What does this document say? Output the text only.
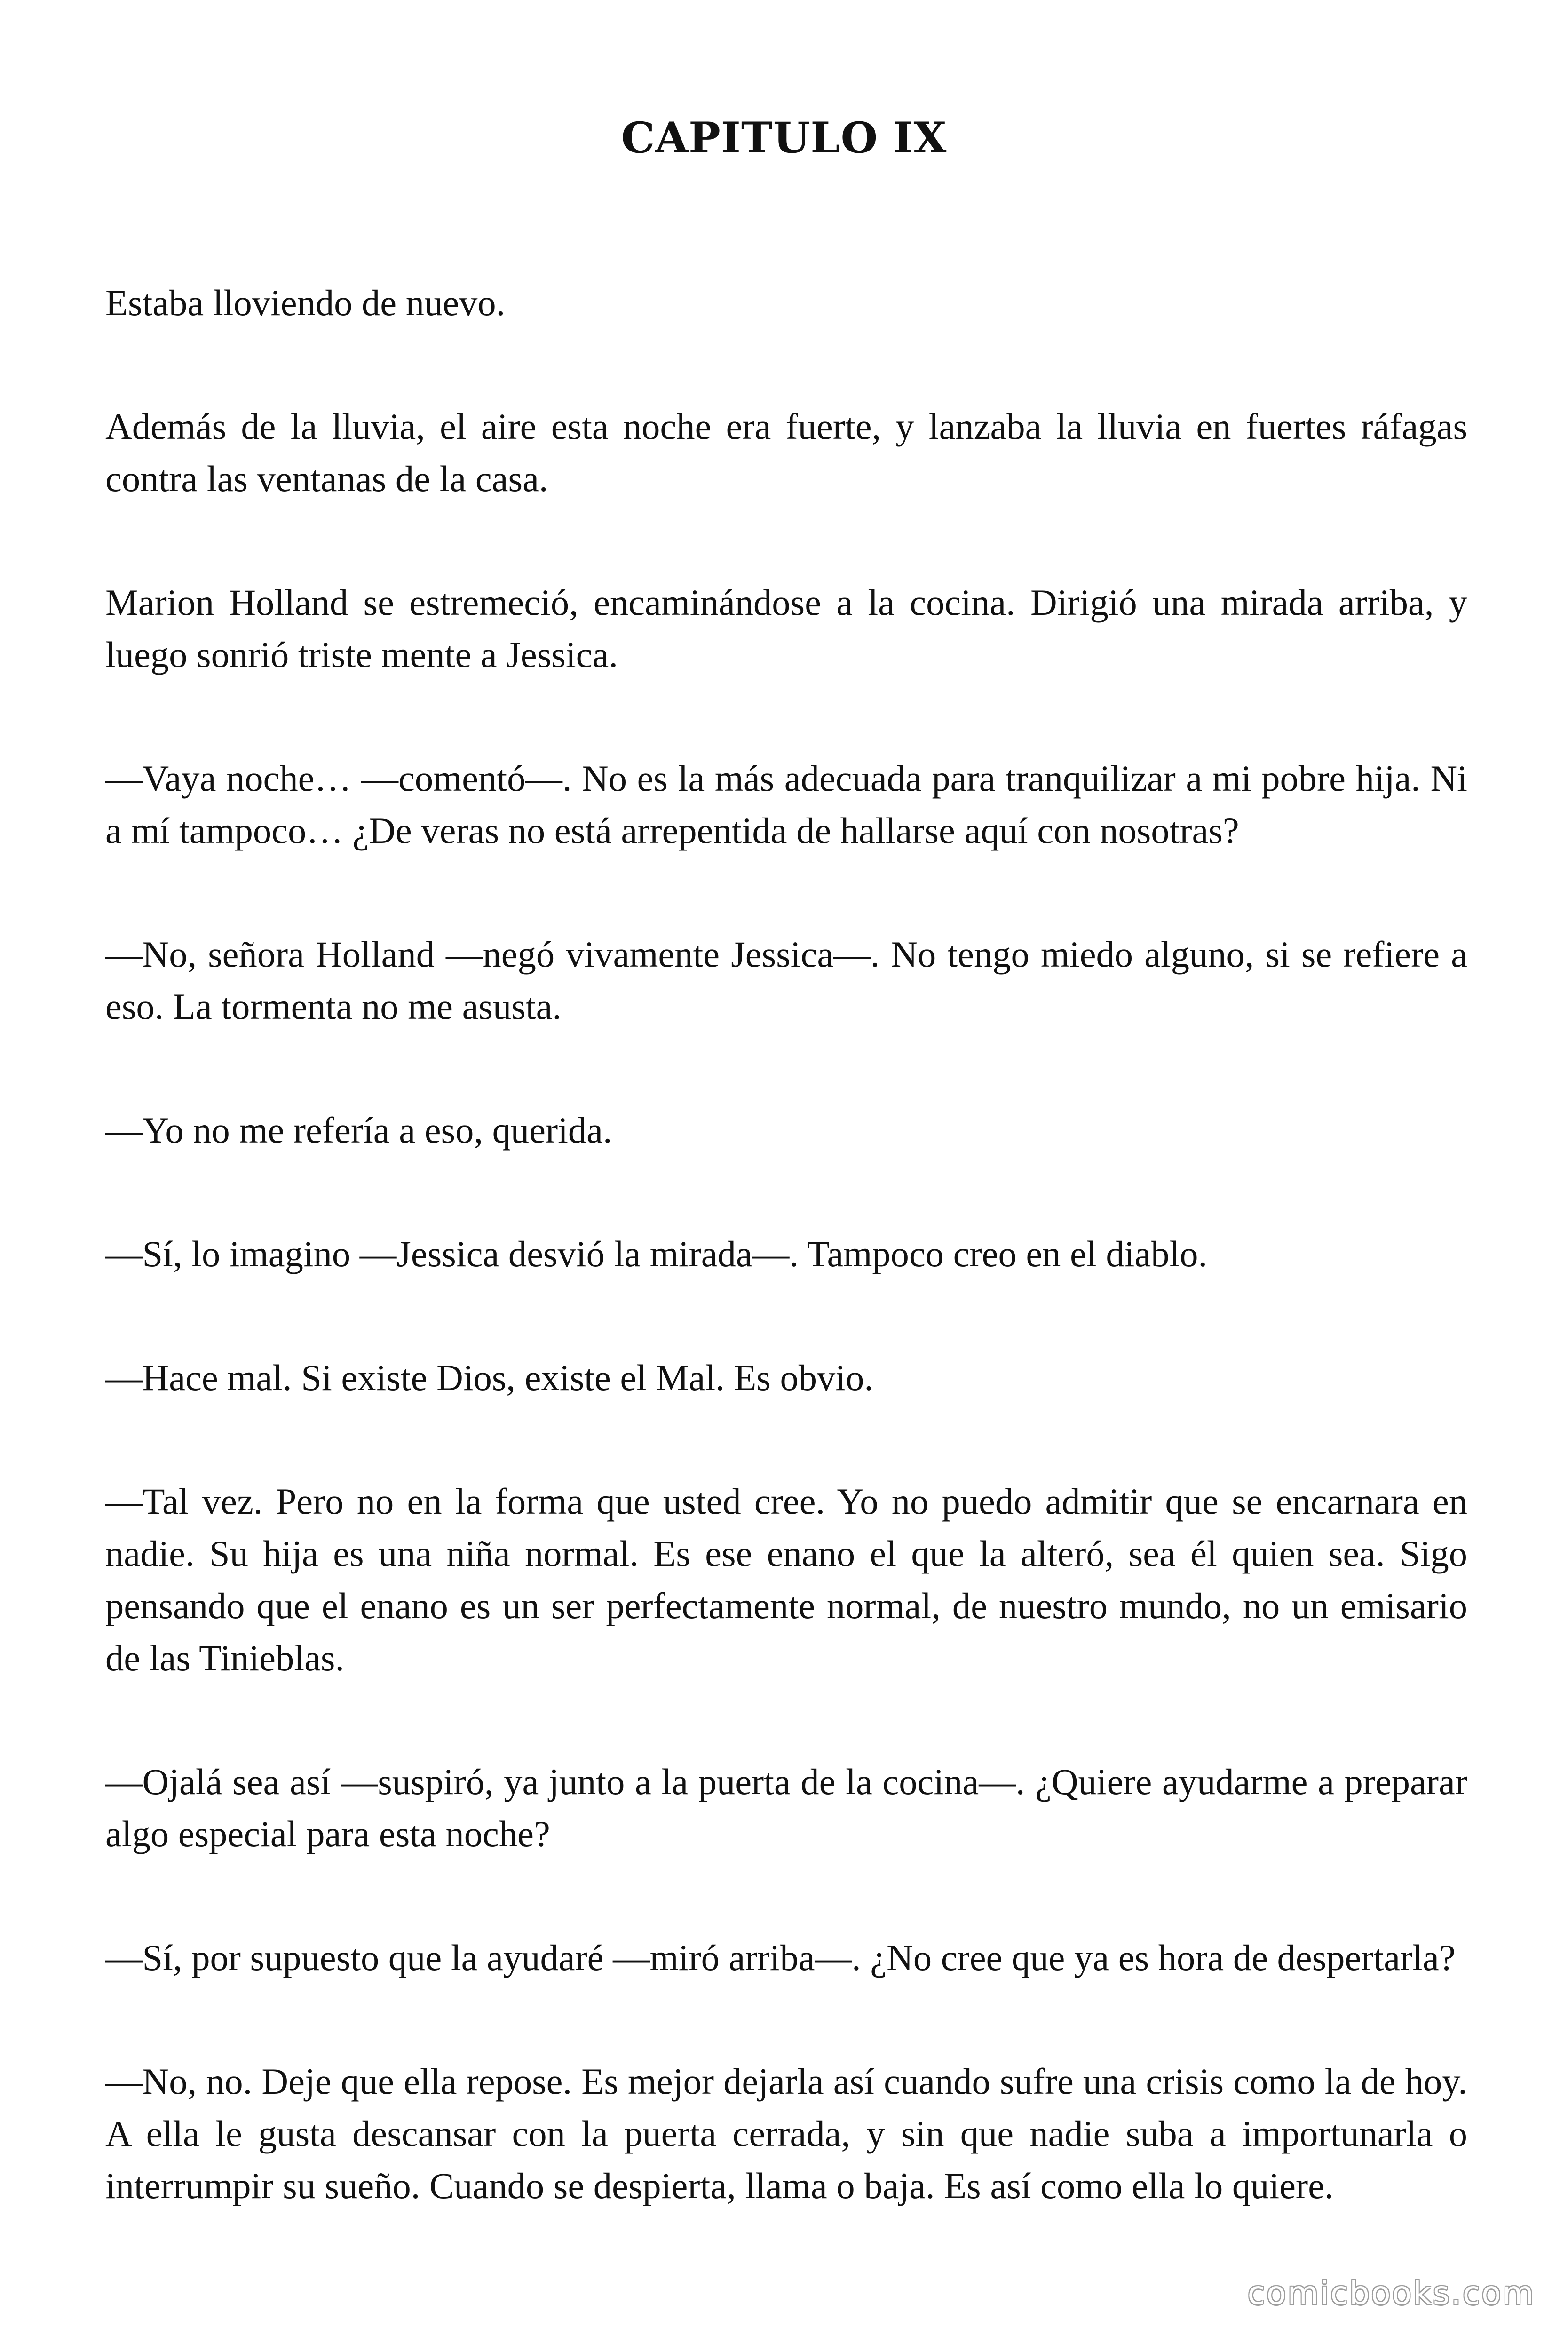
CAPITULO IX

Estaba lloviendo de nuevo.

Además de la lluvia, el aire esta noche era fuerte, y lanzaba la lluvia en fuertes ráfagas contra las ventanas de la casa.

Marion Holland se estremeció, encaminándose a la cocina. Dirigió una mirada arriba, y luego sonrió triste mente a Jessica.

—Vaya noche… —comentó—. No es la más adecuada para tranquilizar a mi pobre hija. Ni a mí tampoco… ¿De veras no está arrepentida de hallarse aquí con nosotras?

—No, señora Holland —negó vivamente Jessica—. No tengo miedo alguno, si se refiere a eso. La tormenta no me asusta.

—Yo no me refería a eso, querida.

—Sí, lo imagino —Jessica desvió la mirada—. Tampoco creo en el diablo.

—Hace mal. Si existe Dios, existe el Mal. Es obvio.

—Tal vez. Pero no en la forma que usted cree. Yo no puedo admitir que se encarnara en nadie. Su hija es una niña normal. Es ese enano el que la alteró, sea él quien sea. Sigo pensando que el enano es un ser perfectamente normal, de nuestro mundo, no un emisario de las Tinieblas.

—Ojalá sea así —suspiró, ya junto a la puerta de la cocina—. ¿Quiere ayudarme a preparar algo especial para esta noche?

—Sí, por supuesto que la ayudaré —miró arriba—. ¿No cree que ya es hora de despertarla?

—No, no. Deje que ella repose. Es mejor dejarla así cuando sufre una crisis como la de hoy. A ella le gusta descansar con la puerta cerrada, y sin que nadie suba a importunarla o interrumpir su sueño. Cuando se despierta, llama o baja. Es así como ella lo quiere.

comicbooks.com
